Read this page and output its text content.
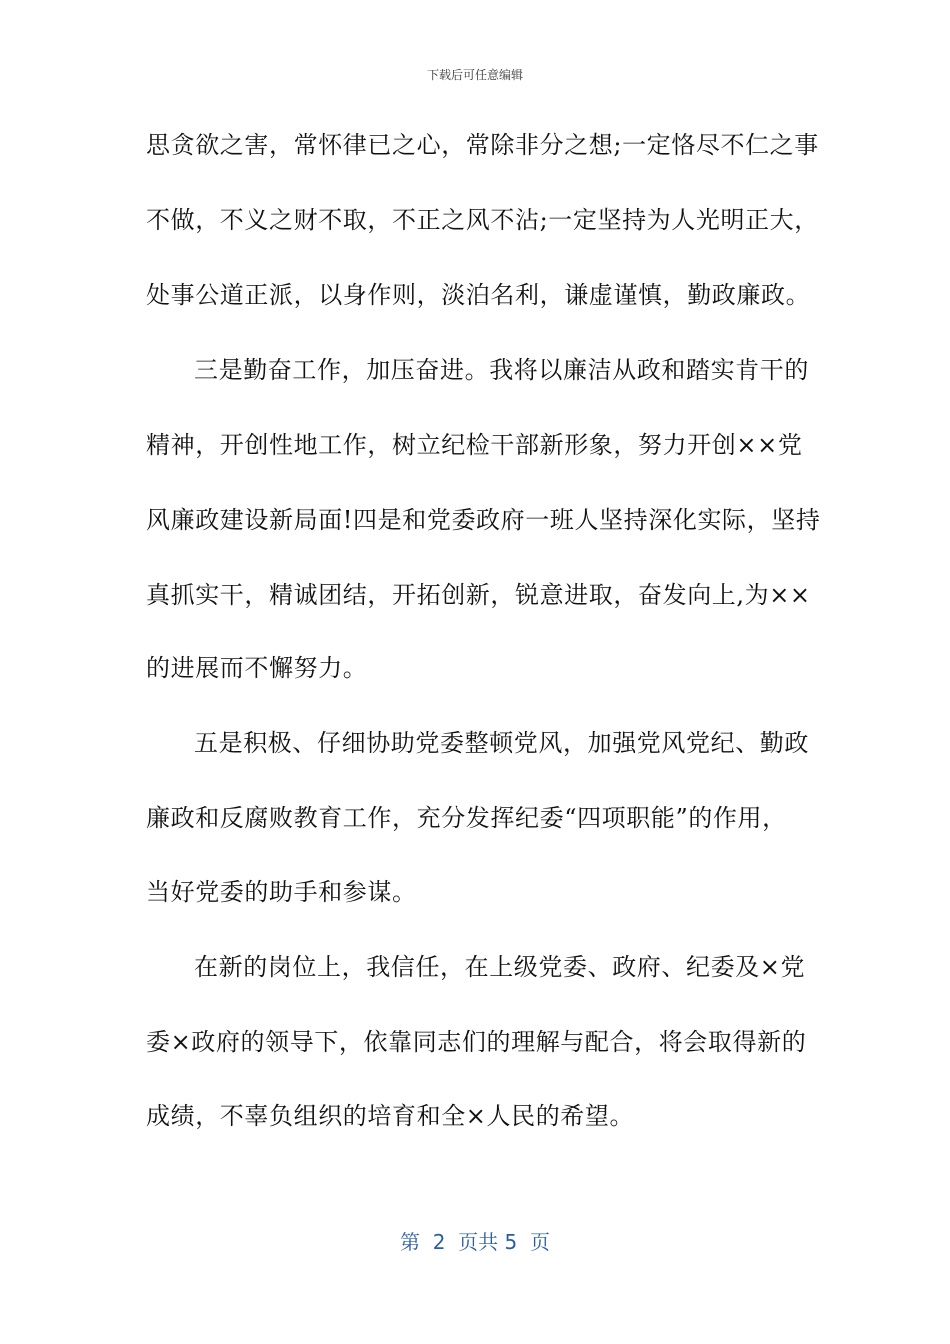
下载后可任意编辑
思贪欲之害，常怀律已之心，常除非分之想;一定恪尽不仁之事
不做，不义之财不取，不正之风不沾;一定坚持为人光明正大，
处事公道正派，以身作则，淡泊名利，谦虚谨慎，勤政廉政。
三是勤奋工作，加压奋进。我将以廉洁从政和踏实肯干的
精神，开创性地工作，树立纪检干部新形象，努力开创××党
风廉政建设新局面!四是和党委政府一班人坚持深化实际，坚持
真抓实干，精诚团结，开拓创新，锐意进取，奋发向上,为××
的进展而不懈努力。
五是积极、仔细协助党委整顿党风，加强党风党纪、勤政
廉政和反腐败教育工作，充分发挥纪委“四项职能”的作用，
当好党委的助手和参谋。
在新的岗位上，我信任，在上级党委、政府、纪委及×党
委×政府的领导下，依靠同志们的理解与配合，将会取得新的
成绩，不辜负组织的培育和全×人民的希望。
第  2  页共 5  页
